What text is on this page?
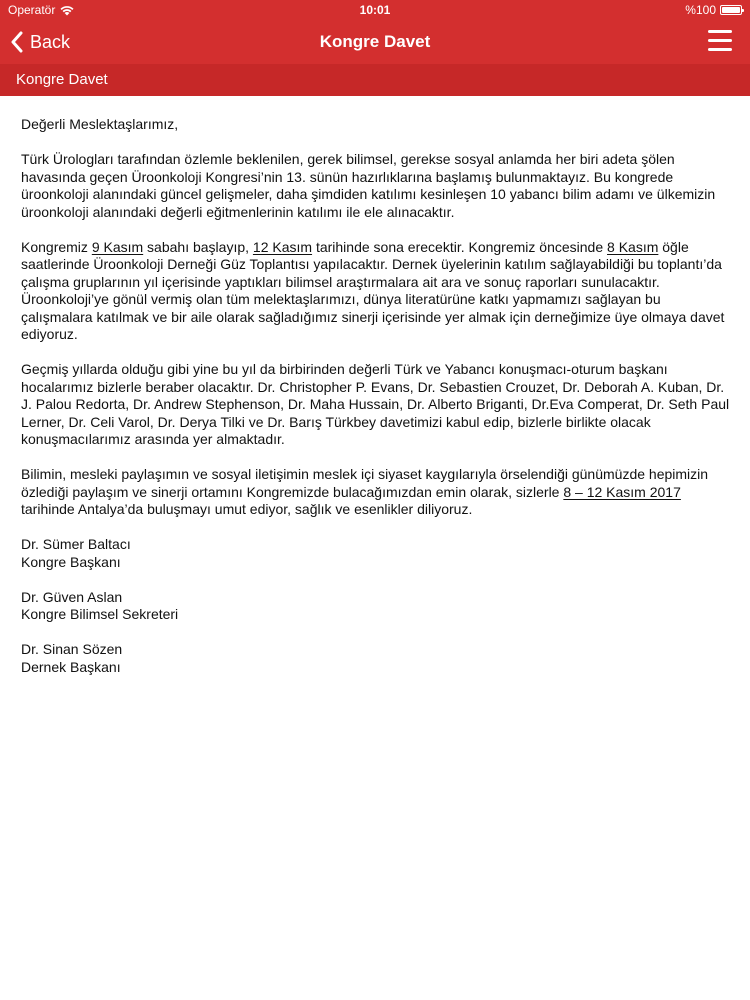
Operatör	10:01	%100
Back	Kongre Davet
Kongre Davet

Değerli Meslektaşlarımız,

Türk Ürologları tarafından özlemle beklenilen, gerek bilimsel, gerekse sosyal anlamda her biri adeta şölen havasında geçen Üroonkoloji Kongresi’nin 13. sünün hazırlıklarına başlamış bulunmaktayız. Bu kongrede üroonkoloji alanındaki güncel gelişmeler, daha şimdiden katılımı kesinleşen 10 yabancı bilim adamı ve ülkemizin üroonkoloji alanındaki değerli eğitmenlerinin katılımı ile ele alınacaktır.

Kongremiz 9 Kasım sabahı başlayıp, 12 Kasım tarihinde sona erecektir. Kongremiz öncesinde 8 Kasım öğle saatlerinde Üroonkoloji Derneği Güz Toplantısı yapılacaktır. Dernek üyelerinin katılım sağlayabildiği bu toplantı’da çalışma gruplarının yıl içerisinde yaptıkları bilimsel araştırmalara ait ara ve sonuç raporları sunulacaktır. Üroonkoloji’ye gönül vermiş olan tüm melektaşlarımızı, dünya literatürüne katkı yapmamızı sağlayan bu çalışmalara katılmak ve bir aile olarak sağladığımız sinerji içerisinde yer almak için derneğimize üye olmaya davet ediyoruz.

Geçmiş yıllarda olduğu gibi yine bu yıl da birbirinden değerli Türk ve Yabancı konuşmacı-oturum başkanı hocalarımız bizlerle beraber olacaktır. Dr. Christopher P. Evans, Dr. Sebastien Crouzet, Dr. Deborah A. Kuban, Dr. J. Palou Redorta, Dr. Andrew Stephenson, Dr. Maha Hussain, Dr. Alberto Briganti, Dr.Eva Comperat, Dr. Seth Paul Lerner, Dr. Celi Varol, Dr. Derya Tilki ve Dr. Barış Türkbey davetimizi kabul edip, bizlerle birlikte olacak konuşmacılarımız arasında yer almaktadır.

Bilimin, mesleki paylaşımın ve sosyal iletişimin meslek içi siyaset kaygılarıyla örselendiği günümüzde hepimizin özlediği paylaşım ve sinerji ortamını Kongremizde bulacağımızdan emin olarak, sizlerle 8 – 12 Kasım 2017 tarihinde Antalya’da buluşmayı umut ediyor, sağlık ve esenlikler diliyoruz.

Dr. Sümer Baltacı
Kongre Başkanı
Dr. Güven Aslan
Kongre Bilimsel Sekreteri
Dr. Sinan Sözen
Dernek Başkanı
